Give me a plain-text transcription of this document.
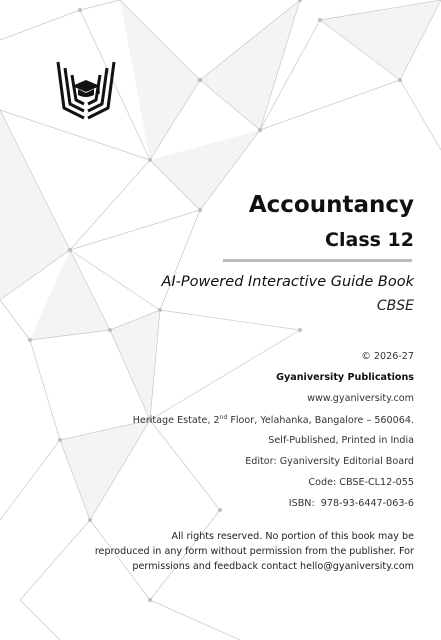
Accountancy
Class 12
AI-Powered Interactive Guide Book
CBSE
© 2026-27
Gyaniversity Publications
www.gyaniversity.com
Heritage Estate, 2nd Floor, Yelahanka, Bangalore – 560064.
Self-Published, Printed in India
Editor: Gyaniversity Editorial Board
Code: CBSE-CL12-055
ISBN:  978-93-6447-063-6
All rights reserved. No portion of this book may be
reproduced in any form without permission from the publisher. For
permissions and feedback contact hello@gyaniversity.com
